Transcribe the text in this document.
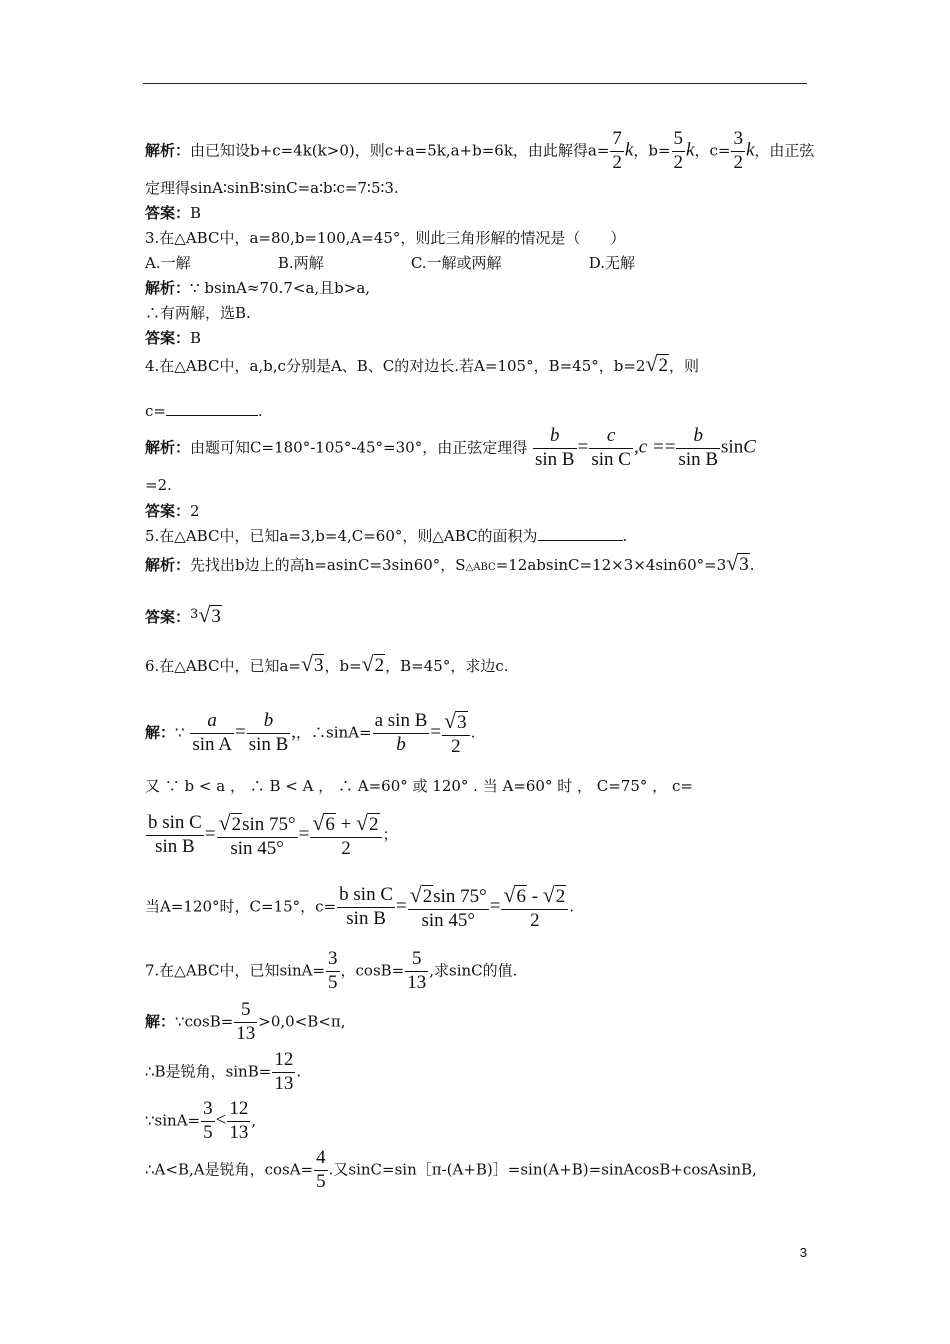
解析：由已知设b+c=4k(k>0)，则c+a=5k,a+b=6k，由此解得$a= \frac{7}{2}$ k，$b= \frac{5}{2}$ k，$c= \frac{3}{2}$ k，由正弦
定理得sinA∶sinB∶sinC=a∶b∶c=7∶5∶3.
答案：B
3.在△ABC中，a=80,b=100,A=45°，则此三角形解的情况是（　　）
A.一解	B.两解	C.一解或两解	D.无解
解析：∵ bsinA≈70.7<a,且b>a,
∴有两解，选B.
答案：B
4.在△ABC中，a,b,c分别是A、B、C的对边长.若A=105°，B=45°，b=2√2，则
c=	.
解析：由题可知C=180°-105°-45°=30°，由正弦定理得 $\frac{b}{\text{sin B}} = \frac{c}{\text{sin C}} ,c == \frac{b}{\text{sin B}}$ sinC
=2.
答案：2
5.在△ABC中，已知a=3,b=4,C=60°，则△ABC的面积为	.
解析：先找出b边上的高h=asinC=3sin60°，S△ABC=12absinC=12×3×4sin60°=3√3.
答案：3√3
6.在△ABC中，已知a=√3，b=√2，B=45°，求边c.
解：∵ $\frac{a}{\text{sin A}} = \frac{b}{\text{sin B}}$ ,，∴sinA= $\frac{\text{a sin B}}{b} = \frac{√3}{2}$ .
又 ∵ b < a ， ∴ B < A ， ∴ A=60° 或 120° . 当 A=60° 时 ， C=75° ， c=
$\frac{\text{b sin C}}{\text{sin B}} = \frac{√2\sin 75^\circ}{\sin 45^\circ} = \frac{√6 + √2}{2}$ ；
当A=120°时，C=15°，$c= \frac{\text{b sin C}}{\text{sin B}} = \frac{√2\sin 75^\circ}{\sin 45^\circ} = \frac{√6 - √2}{2}$ .
7.在△ABC中，已知$\sin A= \frac{3}{5}$ ，$\cos B= \frac{5}{13}$ ,求sinC的值.
解：∵cosB= $\frac{5}{13} >0,0<B<\pi$,
∴B是锐角，$\sin B= \frac{12}{13}$ .
∵sinA= $\frac{3}{5} < \frac{12}{13}$ ,
∴A<B,A是锐角，$\cos A= \frac{4}{5}$ .又sinC=sin［π-(A+B)］=sin(A+B)=sinAcosB+cosAsinB,
3
